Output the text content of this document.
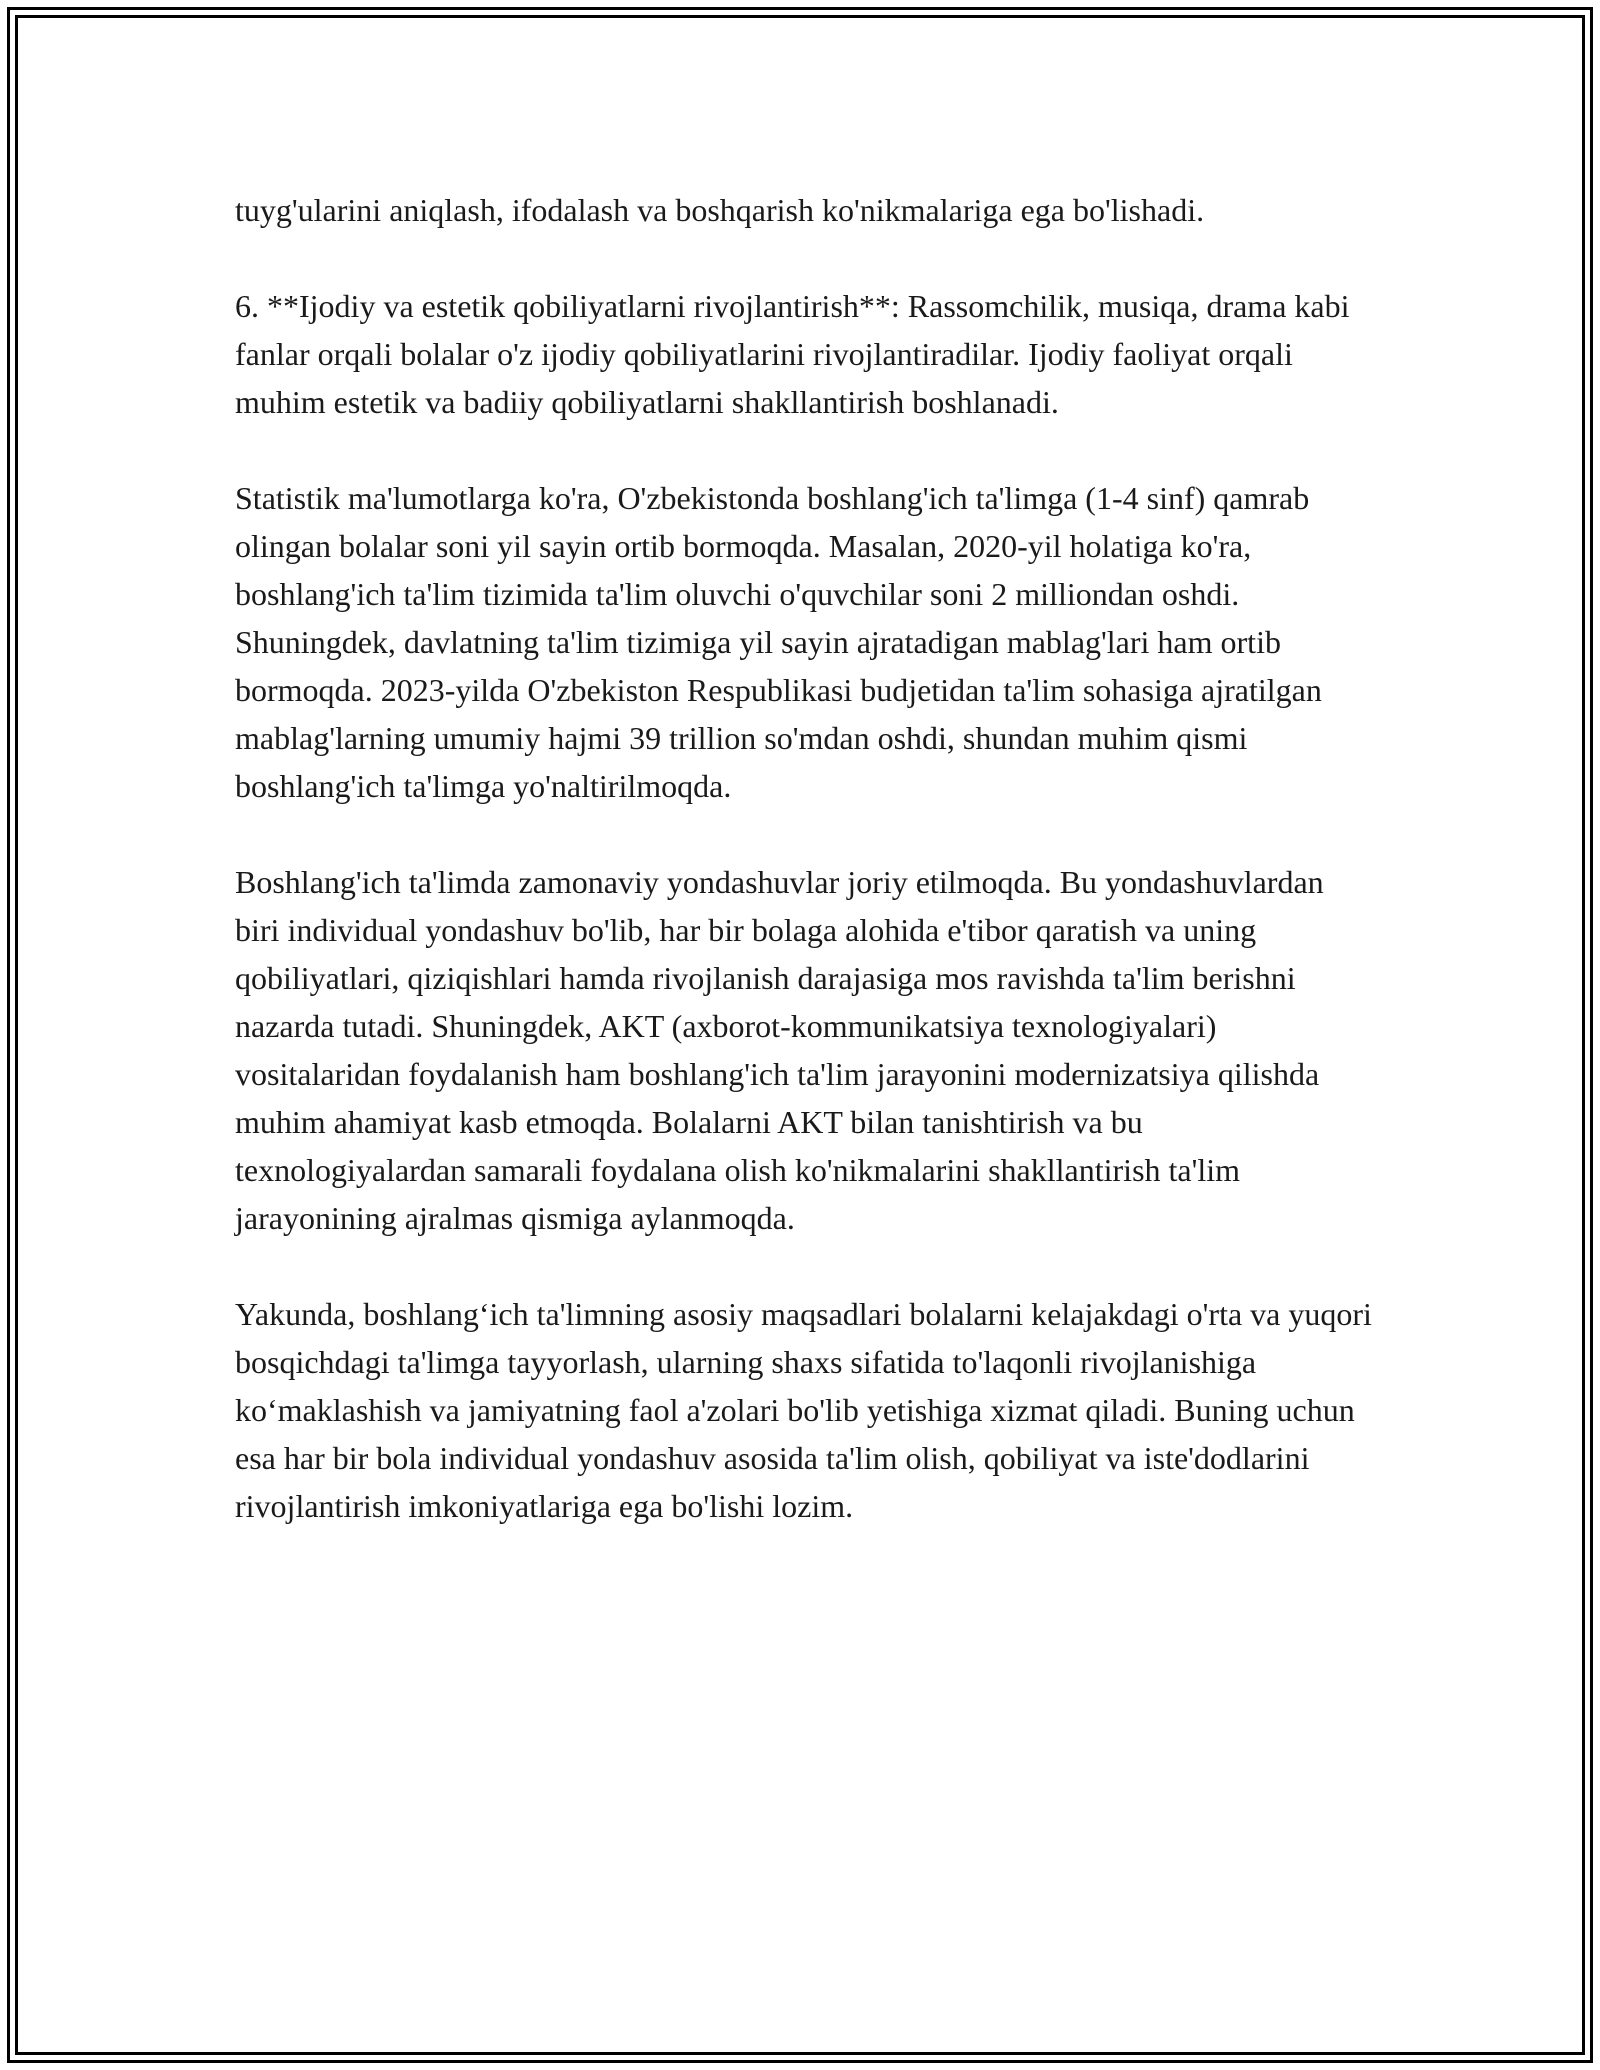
tuyg'ularini aniqlash, ifodalash va boshqarish ko'nikmalariga ega bo'lishadi.

6. **Ijodiy va estetik qobiliyatlarni rivojlantirish**: Rassomchilik, musiqa, drama kabi fanlar orqali bolalar o'z ijodiy qobiliyatlarini rivojlantiradilar. Ijodiy faoliyat orqali muhim estetik va badiiy qobiliyatlarni shakllantirish boshlanadi.

Statistik ma'lumotlarga ko'ra, O'zbekistonda boshlang'ich ta'limga (1-4 sinf) qamrab olingan bolalar soni yil sayin ortib bormoqda. Masalan, 2020-yil holatiga ko'ra, boshlang'ich ta'lim tizimida ta'lim oluvchi o'quvchilar soni 2 milliondan oshdi. Shuningdek, davlatning ta'lim tizimiga yil sayin ajratadigan mablag'lari ham ortib bormoqda. 2023-yilda O'zbekiston Respublikasi budjetidan ta'lim sohasiga ajratilgan mablag'larning umumiy hajmi 39 trillion so'mdan oshdi, shundan muhim qismi boshlang'ich ta'limga yo'naltirilmoqda.

Boshlang'ich ta'limda zamonaviy yondashuvlar joriy etilmoqda. Bu yondashuvlardan biri individual yondashuv bo'lib, har bir bolaga alohida e'tibor qaratish va uning qobiliyatlari, qiziqishlari hamda rivojlanish darajasiga mos ravishda ta'lim berishni nazarda tutadi. Shuningdek, AKT (axborot-kommunikatsiya texnologiyalari) vositalaridan foydalanish ham boshlang'ich ta'lim jarayonini modernizatsiya qilishda muhim ahamiyat kasb etmoqda. Bolalarni AKT bilan tanishtirish va bu texnologiyalardan samarali foydalana olish ko'nikmalarini shakllantirish ta'lim jarayonining ajralmas qismiga aylanmoqda.

Yakunda, boshlang‘ich ta'limning asosiy maqsadlari bolalarni kelajakdagi o'rta va yuqori bosqichdagi ta'limga tayyorlash, ularning shaxs sifatida to'laqonli rivojlanishiga ko‘maklashish va jamiyatning faol a'zolari bo'lib yetishiga xizmat qiladi. Buning uchun esa har bir bola individual yondashuv asosida ta'lim olish, qobiliyat va iste'dodlarini rivojlantirish imkoniyatlariga ega bo'lishi lozim.
